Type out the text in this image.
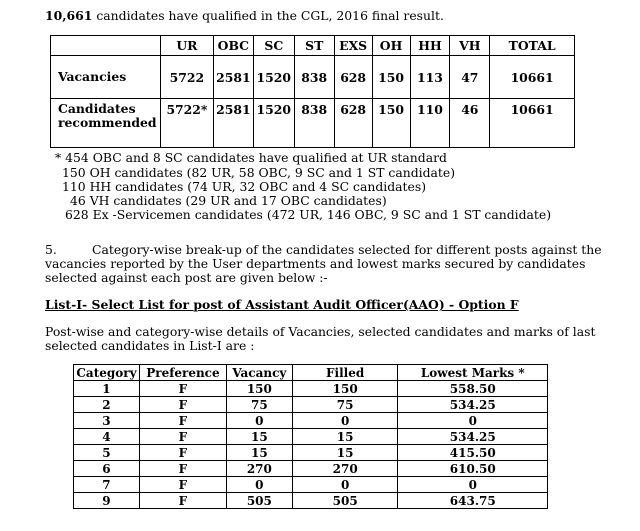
10,661 candidates have qualified in the CGL, 2016 final result.
	UR	OBC	SC	ST	EXS	OH	HH	VH	TOTAL
Vacancies	5722	2581	1520	838	628	150	113	47	10661
Candidates
recommended	5722*	2581	1520	838	628	150	110	46	10661
* 454 OBC and 8 SC candidates have qualified at UR standard
150 OH candidates (82 UR, 58 OBC, 9 SC and 1 ST candidate)
110 HH candidates (74 UR, 32 OBC and 4 SC candidates)
46 VH candidates (29 UR and 17 OBC candidates)
628 Ex -Servicemen candidates (472 UR, 146 OBC, 9 SC and 1 ST candidate)
5.	Category-wise break-up of the candidates selected for different posts against the
vacancies reported by the User departments and lowest marks secured by candidates
selected against each post are given below :-
List-I- Select List for post of Assistant Audit Officer(AAO) - Option F
Post-wise and category-wise details of Vacancies, selected candidates and marks of last
selected candidates in List-I are :
Category	Preference	Vacancy	Filled	Lowest Marks *
1	F	150	150	558.50
2	F	75	75	534.25
3	F	0	0	0
4	F	15	15	534.25
5	F	15	15	415.50
6	F	270	270	610.50
7	F	0	0	0
9	F	505	505	643.75
